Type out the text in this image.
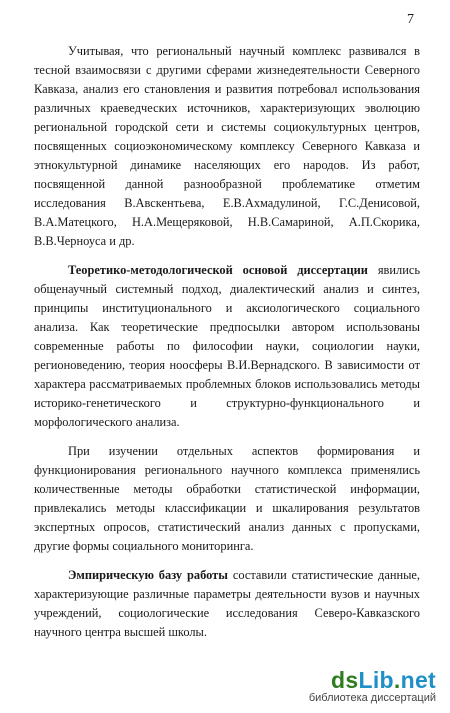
7

Учитывая, что региональный научный комплекс развивался в тесной взаимосвязи с другими сферами жизнедеятельности Северного Кавказа, анализ его становления и развития потребовал использования различных краеведческих источников, характеризующих эволюцию региональной городской сети и системы социокультурных центров, посвященных социоэкономическому комплексу Северного Кавказа и этнокультурной динамике населяющих его народов. Из работ, посвященной данной разнообразной проблематике отметим исследования В.Авскентьева, Е.В.Ахмадулиной, Г.С.Денисовой, В.А.Матецкого, Н.А.Мещеряковой, Н.В.Самариной, А.П.Скорика, В.В.Черноуса и др.

Теоретико-методологической основой диссертации явились общенаучный системный подход, диалектический анализ и синтез, принципы институционального и аксиологического социального анализа. Как теоретические предпосылки автором использованы современные работы по философии науки, социологии науки, регионоведению, теория ноосферы В.И.Вернадского. В зависимости от характера рассматриваемых проблемных блоков использовались методы историко-генетического и структурно-функционального и морфологического анализа.

При изучении отдельных аспектов формирования и функционирования регионального научного комплекса применялись количественные методы обработки статистической информации, привлекались методы классификации и шкалирования результатов экспертных опросов, статистический анализ данных с пропусками, другие формы социального мониторинга.

Эмпирическую базу работы составили статистические данные, характеризующие различные параметры деятельности вузов и научных учреждений, социологические исследования Северо-Кавказского научного центра высшей школы.

dsLib.net
библиотека диссертаций
